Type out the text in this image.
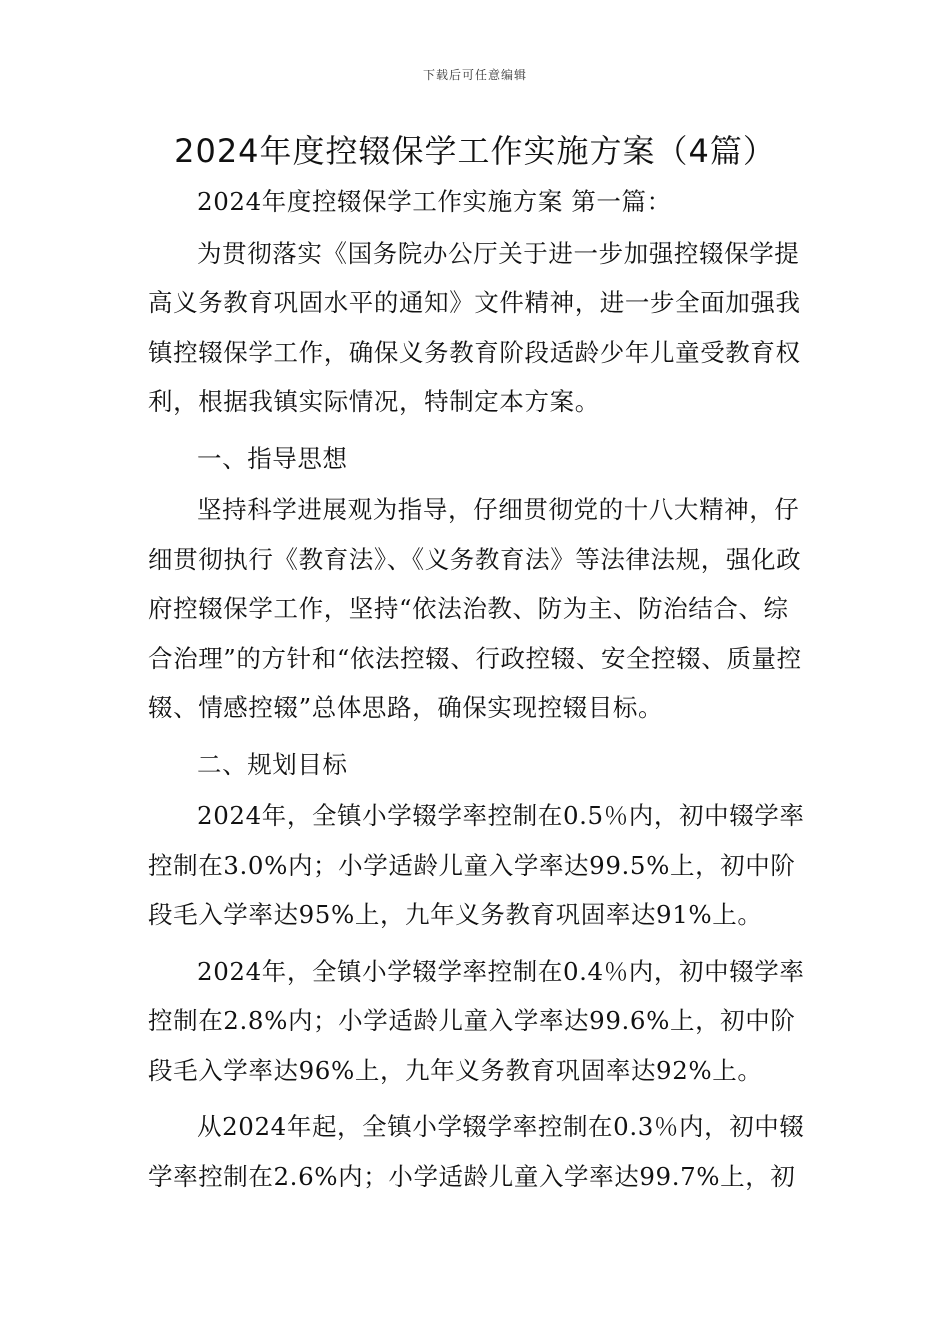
下载后可任意编辑
2024年度控辍保学工作实施方案（4篇）

2024年度控辍保学工作实施方案 第一篇：

为贯彻落实《国务院办公厅关于进一步加强控辍保学提高义务教育巩固水平的通知》文件精神，进一步全面加强我镇控辍保学工作，确保义务教育阶段适龄少年儿童受教育权利，根据我镇实际情况，特制定本方案。

一、指导思想

坚持科学进展观为指导，仔细贯彻党的十八大精神，仔细贯彻执行《教育法》、《义务教育法》等法律法规，强化政府控辍保学工作，坚持“依法治教、防为主、防治结合、综合治理”的方针和“依法控辍、行政控辍、安全控辍、质量控辍、情感控辍”总体思路，确保实现控辍目标。

二、规划目标

2024年，全镇小学辍学率控制在0.5％内，初中辍学率控制在3.0%内；小学适龄儿童入学率达99.5%上，初中阶段毛入学率达95%上，九年义务教育巩固率达91%上。

2024年，全镇小学辍学率控制在0.4％内，初中辍学率控制在2.8%内；小学适龄儿童入学率达99.6%上，初中阶段毛入学率达96%上，九年义务教育巩固率达92%上。

从2024年起，全镇小学辍学率控制在0.3％内，初中辍学率控制在2.6%内；小学适龄儿童入学率达99.7%上，初
